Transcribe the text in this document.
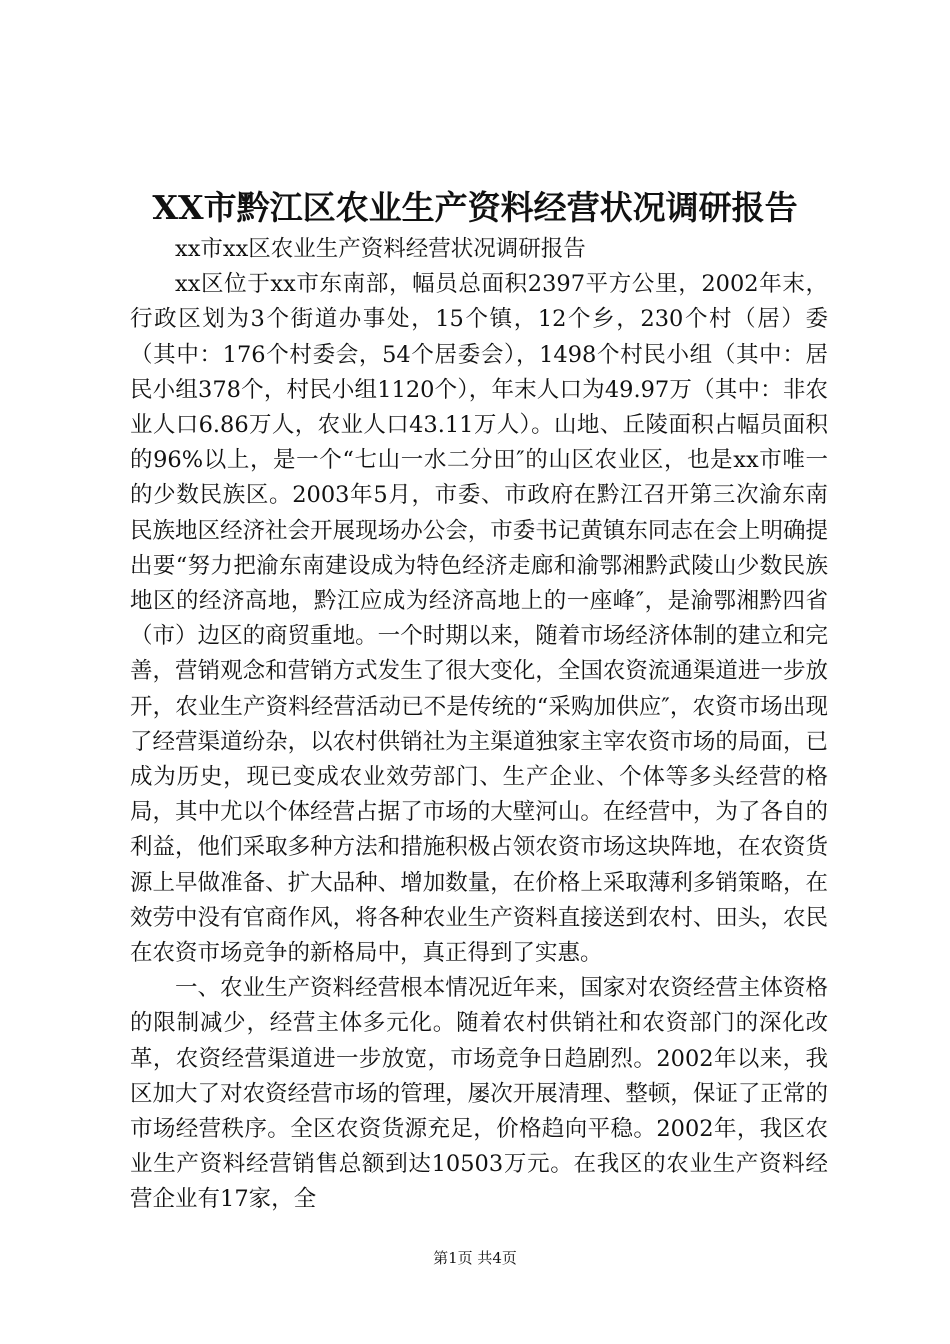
XX市黔江区农业生产资料经营状况调研报告

xx市xx区农业生产资料经营状况调研报告

xx区位于xx市东南部，幅员总面积2397平方公里，2002年末，行政区划为3个街道办事处，15个镇，12个乡，230个村（居）委（其中：176个村委会，54个居委会），1498个村民小组（其中：居民小组378个，村民小组1120个），年末人口为49.97万（其中：非农业人口6.86万人，农业人口43.11万人）。山地、丘陵面积占幅员面积的96%以上，是一个“七山一水二分田″的山区农业区，也是xx市唯一的少数民族区。2003年5月，市委、市政府在黔江召开第三次渝东南民族地区经济社会开展现场办公会，市委书记黄镇东同志在会上明确提出要“努力把渝东南建设成为特色经济走廊和渝鄂湘黔武陵山少数民族地区的经济高地，黔江应成为经济高地上的一座峰″，是渝鄂湘黔四省（市）边区的商贸重地。一个时期以来，随着市场经济体制的建立和完善，营销观念和营销方式发生了很大变化，全国农资流通渠道进一步放开，农业生产资料经营活动已不是传统的“采购加供应″，农资市场出现了经营渠道纷杂，以农村供销社为主渠道独家主宰农资市场的局面，已成为历史，现已变成农业效劳部门、生产企业、个体等多头经营的格局，其中尤以个体经营占据了市场的大壁河山。在经营中，为了各自的利益，他们采取多种方法和措施积极占领农资市场这块阵地，在农资货源上早做准备、扩大品种、增加数量，在价格上采取薄利多销策略，在效劳中没有官商作风，将各种农业生产资料直接送到农村、田头，农民在农资市场竞争的新格局中，真正得到了实惠。

一、农业生产资料经营根本情况近年来，国家对农资经营主体资格的限制减少，经营主体多元化。随着农村供销社和农资部门的深化改革，农资经营渠道进一步放宽，市场竞争日趋剧烈。2002年以来，我区加大了对农资经营市场的管理，屡次开展清理、整顿，保证了正常的市场经营秩序。全区农资货源充足，价格趋向平稳。2002年，我区农业生产资料经营销售总额到达10503万元。在我区的农业生产资料经营企业有17家，全

第1页 共4页
